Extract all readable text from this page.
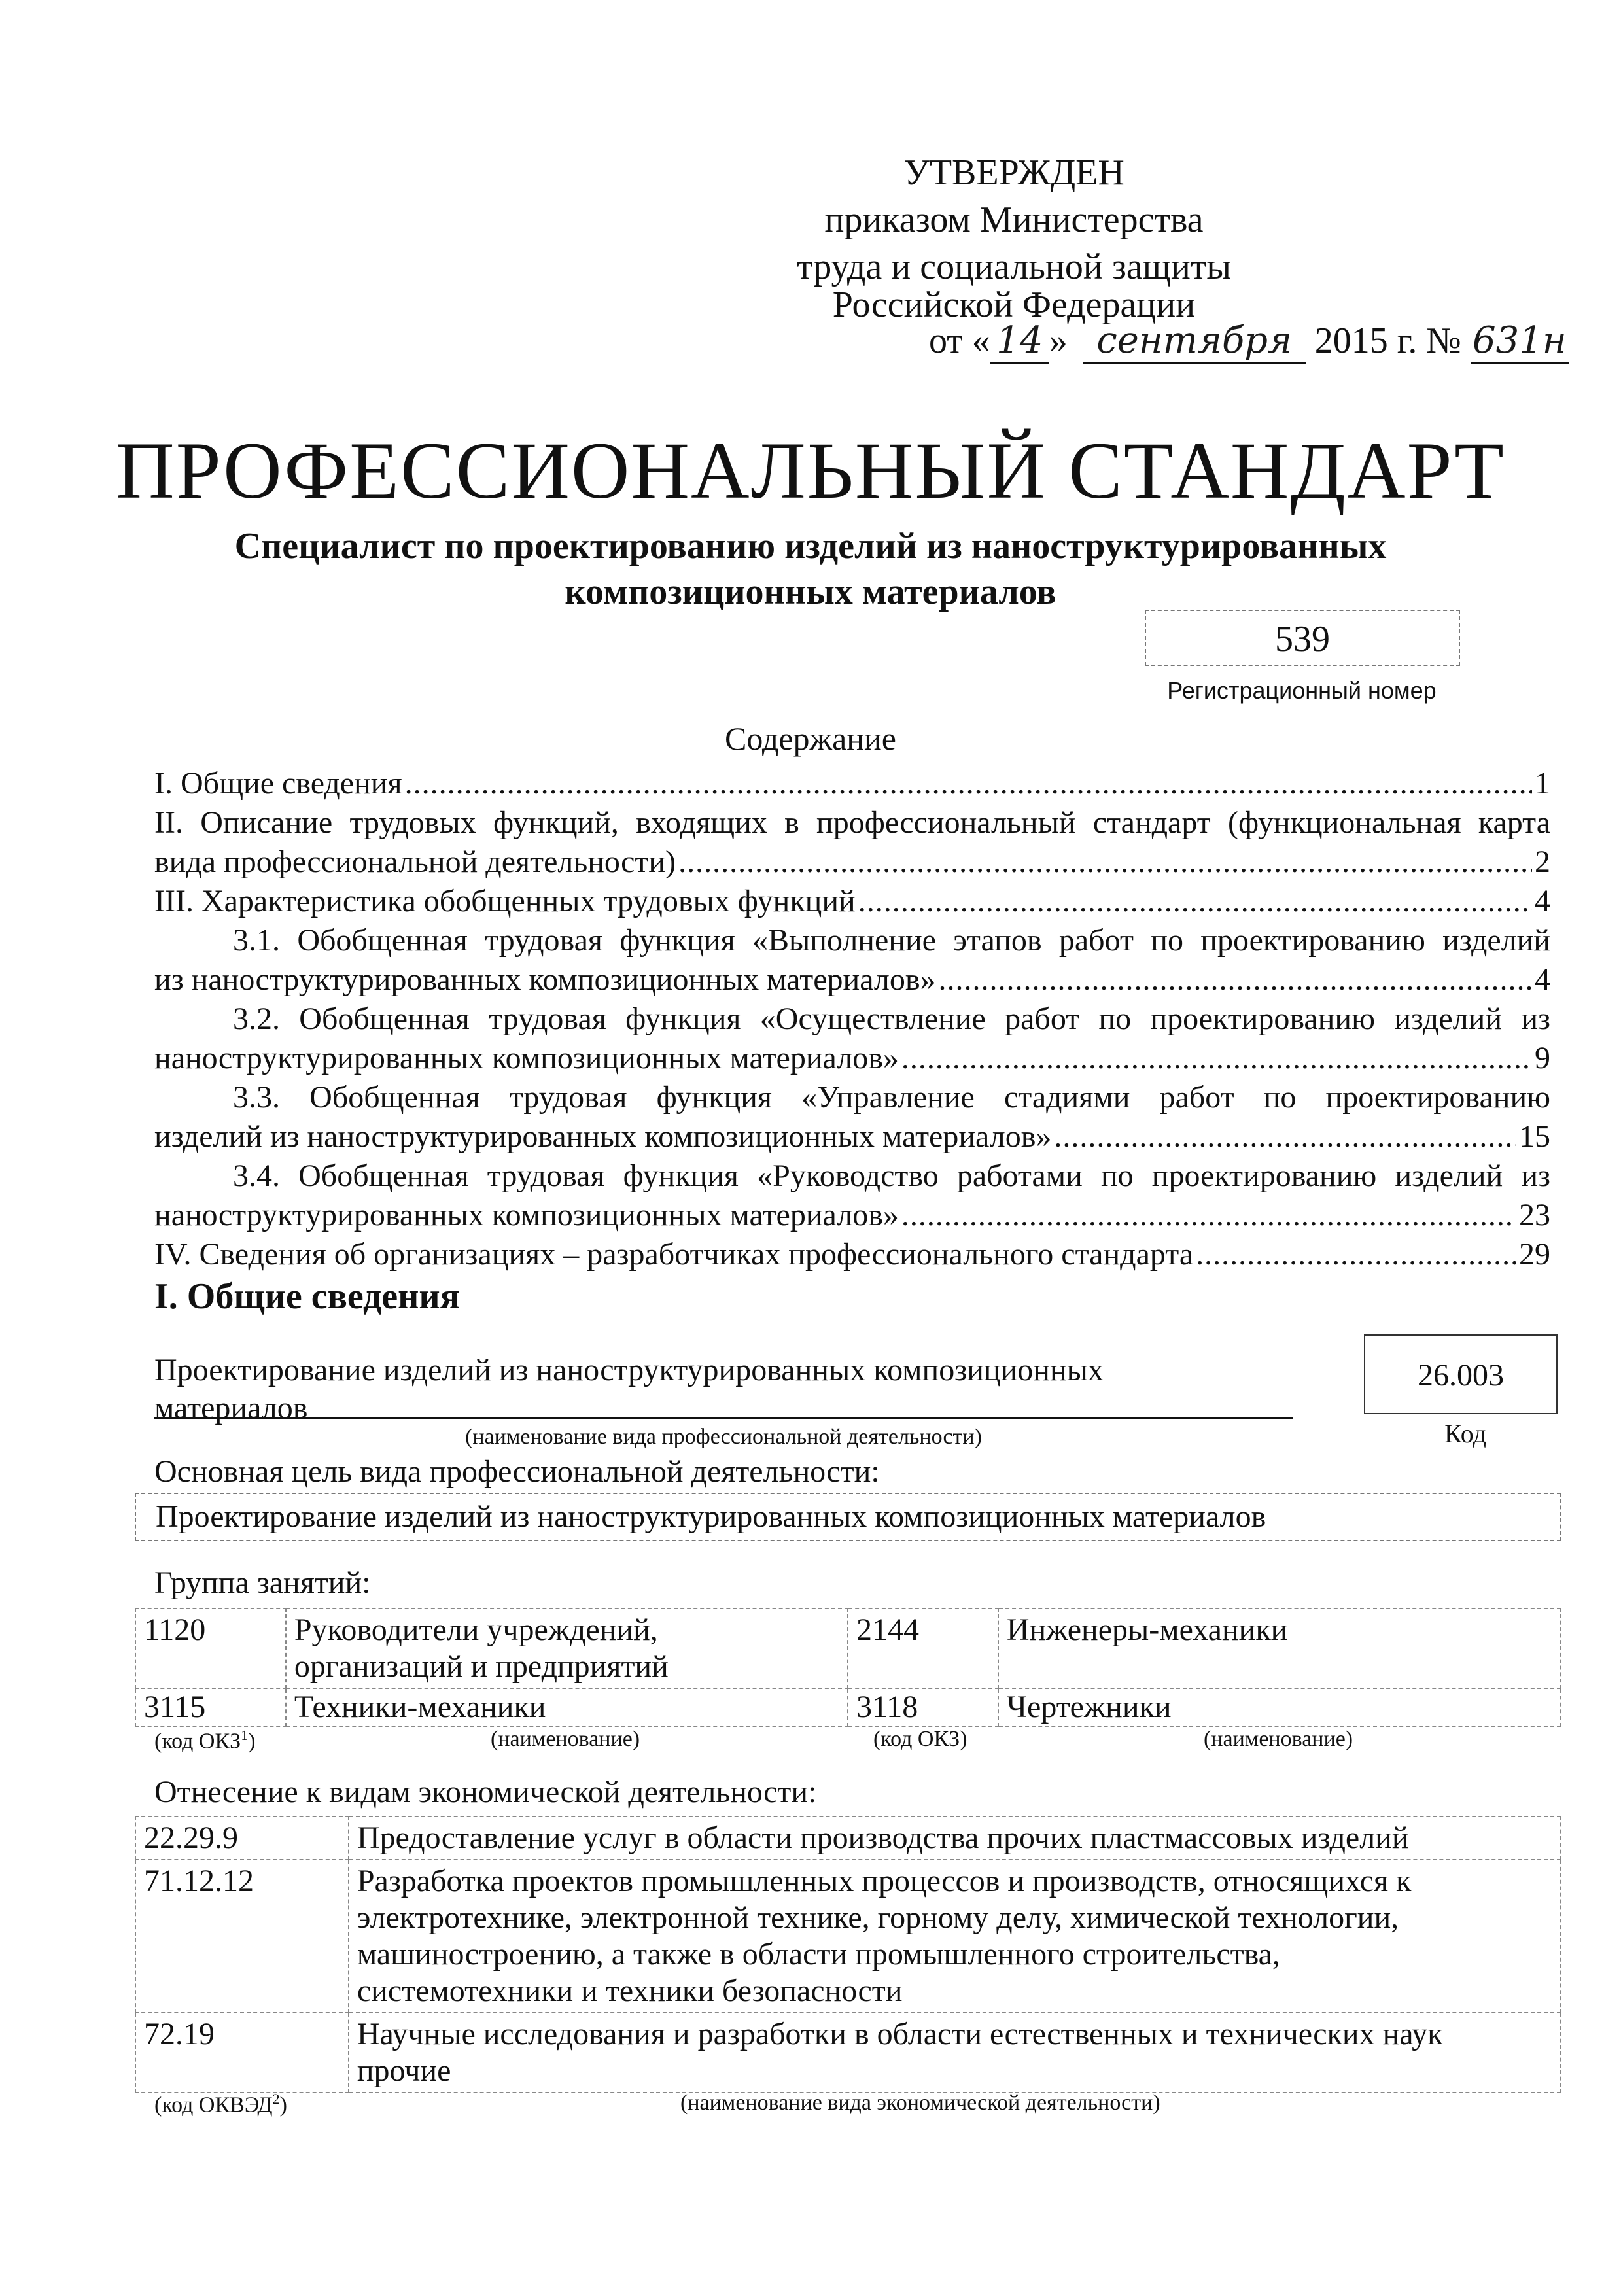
УТВЕРЖДЕН
приказом Министерства
труда и социальной защиты
Российской Федерации
от « 14 » сентября 2015 г. № 631н
ПРОФЕССИОНАЛЬНЫЙ СТАНДАРТ
Специалист по проектированию изделий из наноструктурированных
композиционных материалов
539
Регистрационный номер
Содержание
I. Общие сведения .....	1
II. Описание трудовых функций, входящих в профессиональный стандарт (функциональная карта
вида профессиональной деятельности) .....	2
III. Характеристика обобщенных трудовых функций .....	4
3.1. Обобщенная трудовая функция «Выполнение этапов работ по проектированию изделий
из наноструктурированных композиционных материалов» .....	4
3.2. Обобщенная трудовая функция «Осуществление работ по проектированию изделий из
наноструктурированных композиционных материалов» .....	9
3.3. Обобщенная трудовая функция «Управление стадиями работ по проектированию
изделий из наноструктурированных композиционных материалов» .....	15
3.4. Обобщенная трудовая функция «Руководство работами по проектированию изделий из
наноструктурированных композиционных материалов» .....	23
IV. Сведения об организациях – разработчиках профессионального стандарта .....	29
I. Общие сведения
Проектирование изделий из наноструктурированных композиционных
материалов
(наименование вида профессиональной деятельности)
26.003
Код
Основная цель вида профессиональной деятельности:
Проектирование изделий из наноструктурированных композиционных материалов
Группа занятий:
1120	Руководители учреждений,
организаций и предприятий	2144	Инженеры-механики
3115	Техники-механики	3118	Чертежники
(код ОКЗ$^1$)	(наименование)	(код ОКЗ)	(наименование)
Отнесение к видам экономической деятельности:
22.29.9	Предоставление услуг в области производства прочих пластмассовых изделий
71.12.12	Разработка проектов промышленных процессов и производств, относящихся к
электротехнике, электронной технике, горному делу, химической технологии,
машиностроению, а также в области промышленного строительства,
системотехники и техники безопасности

72.19	Научные исследования и разработки в области естественных и технических наук
прочие
(код ОКВЭД$^2$)	(наименование вида экономической деятельности)
